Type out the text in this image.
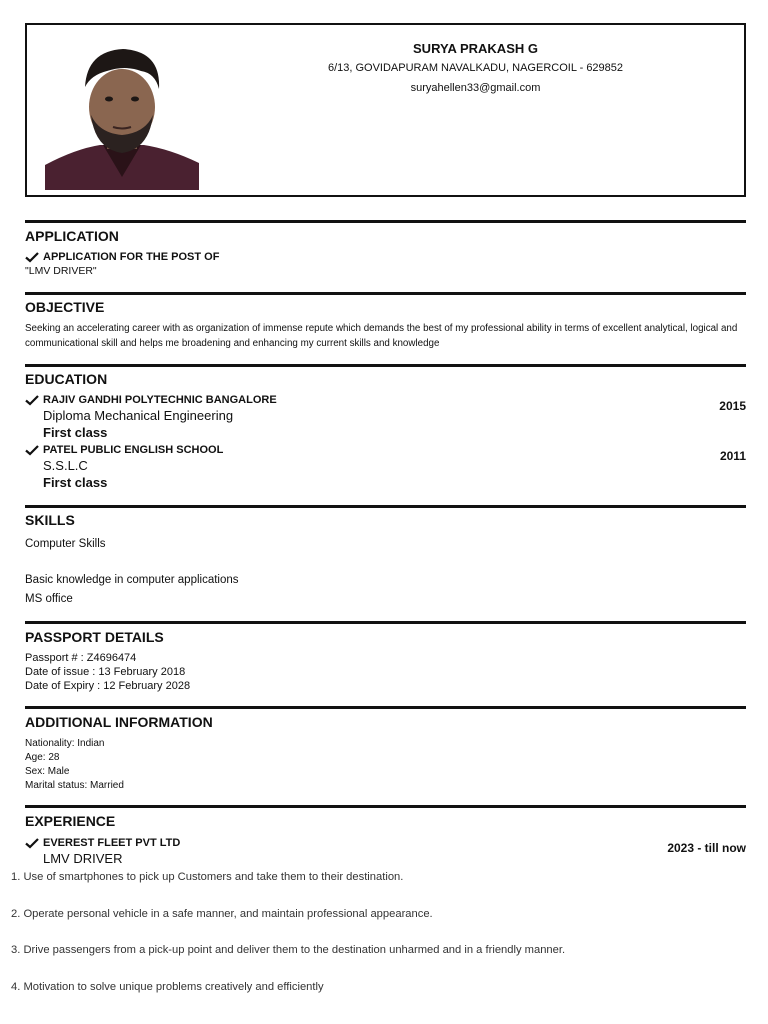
SURYA PRAKASH G
6/13, GOVIDAPURAM NAVALKADU, NAGERCOIL - 629852
suryahellen33@gmail.com
APPLICATION
APPLICATION FOR THE POST OF
"LMV DRIVER"
OBJECTIVE
Seeking an accelerating career with as organization of immense repute which demands the best of my professional ability in terms of excellent analytical, logical and communicational skill and helps me broadening and enhancing my current skills and knowledge
EDUCATION
RAJIV GANDHI POLYTECHNIC BANGALORE
Diploma Mechanical Engineering
First class
2015
PATEL PUBLIC ENGLISH SCHOOL
S.S.L.C
First class
2011
SKILLS
Computer Skills
Basic knowledge in computer applications
MS office
PASSPORT DETAILS
Passport # : Z4696474
Date of issue : 13 February 2018
Date of Expiry : 12 February 2028
ADDITIONAL INFORMATION
Nationality: Indian
Age: 28
Sex: Male
Marital status: Married
EXPERIENCE
EVEREST FLEET PVT LTD
LMV DRIVER
2023 - till now
1. Use of smartphones to pick up Customers and take them to their destination.
2. Operate personal vehicle in a safe manner, and maintain professional appearance.
3. Drive passengers from a pick-up point and deliver them to the destination unharmed and in a friendly manner.
4. Motivation to solve unique problems creatively and efficiently
